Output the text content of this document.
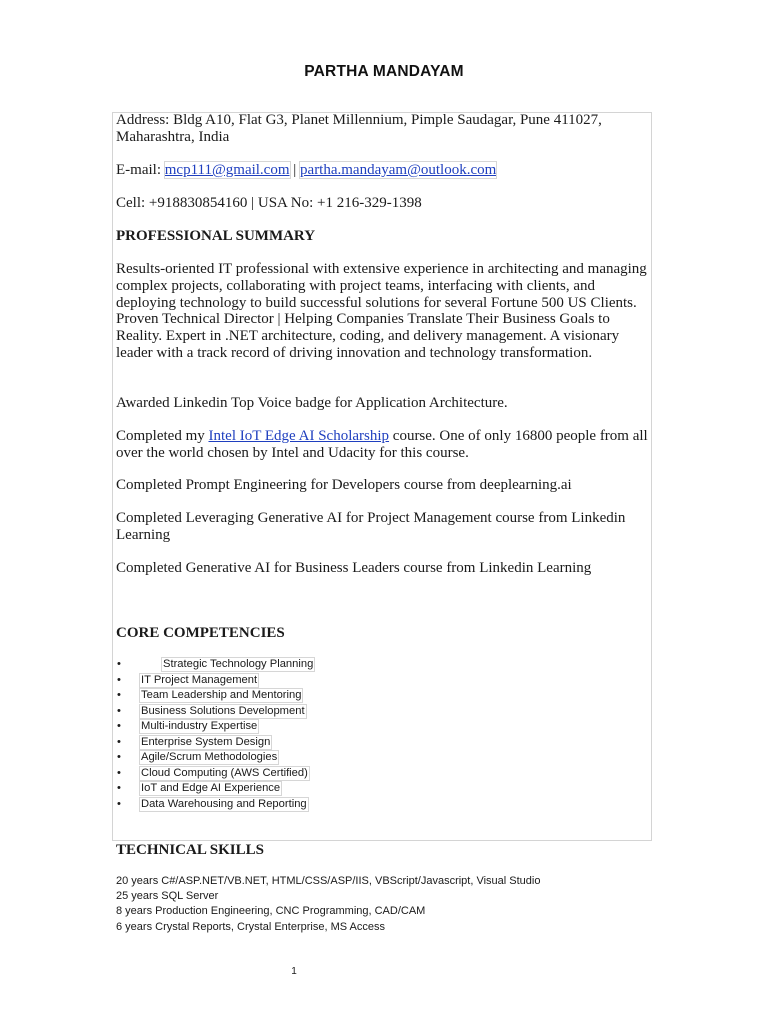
PARTHA MANDAYAM

Address: Bldg A10, Flat G3, Planet Millennium, Pimple Saudagar, Pune 411027, Maharashtra, India

E-mail: mcp111@gmail.com | partha.mandayam@outlook.com

Cell: +918830854160 | USA No: +1 216-329-1398

PROFESSIONAL SUMMARY

Results-oriented IT professional with extensive experience in architecting and managing complex projects, collaborating with project teams, interfacing with clients, and deploying technology to build successful solutions for several Fortune 500 US Clients. Proven Technical Director | Helping Companies Translate Their Business Goals to Reality. Expert in .NET architecture, coding, and delivery management. A visionary leader with a track record of driving innovation and technology transformation.

Awarded Linkedin Top Voice badge for Application Architecture.

Completed my Intel IoT Edge AI Scholarship course. One of only 16800 people from all over the world chosen by Intel and Udacity for this course.

Completed Prompt Engineering for Developers course from deeplearning.ai

Completed Leveraging Generative AI for Project Management course from Linkedin Learning

Completed Generative AI for Business Leaders course from Linkedin Learning

CORE COMPETENCIES
•	Strategic Technology Planning
• IT Project Management
• Team Leadership and Mentoring
• Business Solutions Development
• Multi-industry Expertise
• Enterprise System Design
• Agile/Scrum Methodologies
• Cloud Computing (AWS Certified)
• IoT and Edge AI Experience
• Data Warehousing and Reporting
TECHNICAL SKILLS
20 years C#/ASP.NET/VB.NET, HTML/CSS/ASP/IIS, VBScript/Javascript, Visual Studio
25 years SQL Server
8 years Production Engineering, CNC Programming, CAD/CAM
6 years Crystal Reports, Crystal Enterprise, MS Access
1
